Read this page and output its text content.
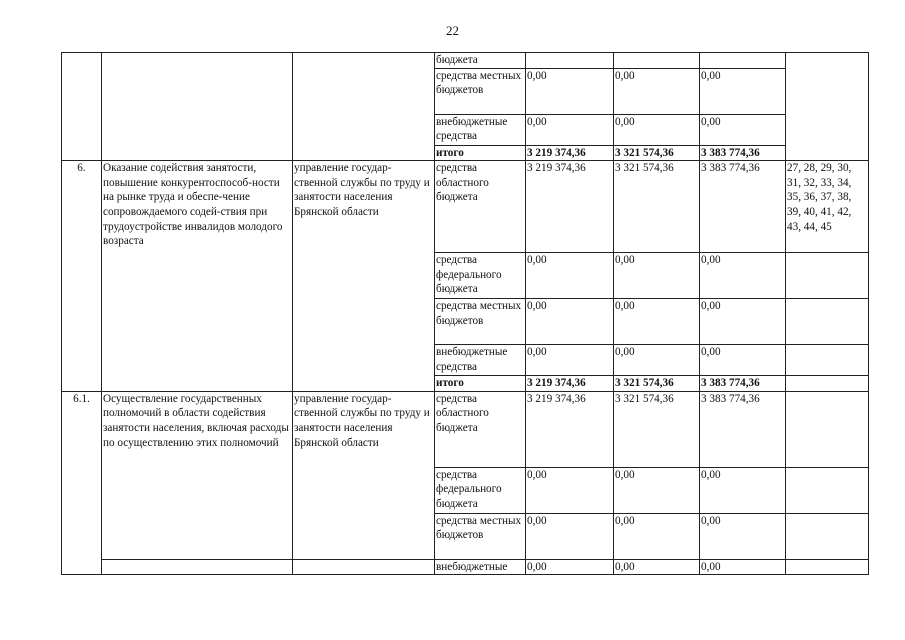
22
			бюджета				
			средства местных бюджетов	0,00	0,00	0,00	
			внебюджетные средства	0,00	0,00	0,00	
			итого	3 219 374,36	3 321 574,36	3 383 774,36	
6.	Оказание содействия занятости, повышение конкурентоспособ-ности на рынке труда и обеспе-чение сопровождаемого содей-ствия при трудоустройстве инвалидов молодого возраста	управление государ-ственной службы по труду и занятости населения Брянской области	средства областного бюджета	3 219 374,36	3 321 574,36	3 383 774,36	27, 28, 29, 30, 31, 32, 33, 34, 35, 36, 37, 38, 39, 40, 41, 42, 43, 44, 45
			средства федерального бюджета	0,00	0,00	0,00	
			средства местных бюджетов	0,00	0,00	0,00	
			внебюджетные средства	0,00	0,00	0,00	
			итого	3 219 374,36	3 321 574,36	3 383 774,36	
6.1.	Осуществление государственных полномочий в области содействия занятости населения, включая расходы по осуществлению этих полномочий	управление государ-ственной службы по труду и занятости населения Брянской области	средства областного бюджета	3 219 374,36	3 321 574,36	3 383 774,36	
			средства федерального бюджета	0,00	0,00	0,00	
			средства местных бюджетов	0,00	0,00	0,00	
			внебюджетные	0,00	0,00	0,00	
